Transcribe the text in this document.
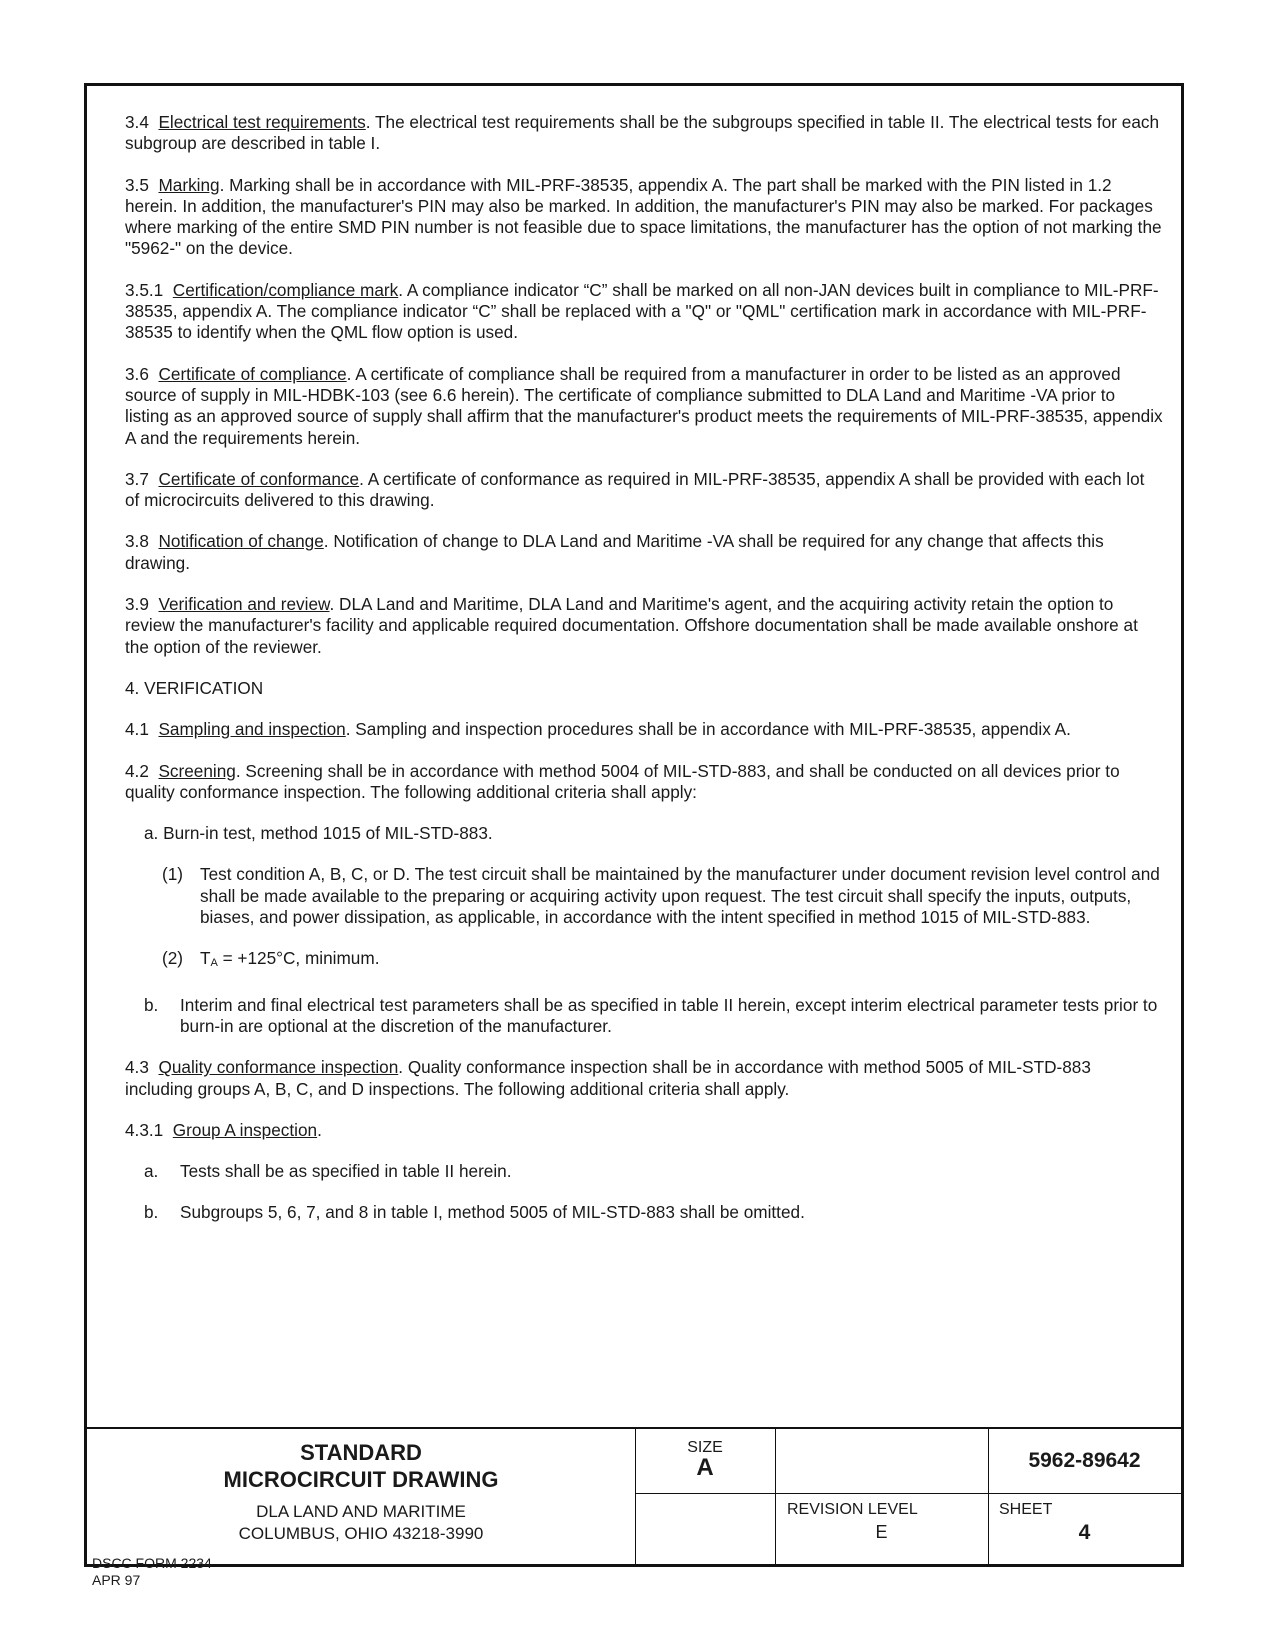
3.4 Electrical test requirements. The electrical test requirements shall be the subgroups specified in table II. The electrical tests for each subgroup are described in table I.

3.5 Marking. Marking shall be in accordance with MIL-PRF-38535, appendix A. The part shall be marked with the PIN listed in 1.2 herein. In addition, the manufacturer's PIN may also be marked. In addition, the manufacturer's PIN may also be marked. For packages where marking of the entire SMD PIN number is not feasible due to space limitations, the manufacturer has the option of not marking the "5962-" on the device.

3.5.1 Certification/compliance mark. A compliance indicator “C” shall be marked on all non-JAN devices built in compliance to MIL-PRF-38535, appendix A. The compliance indicator “C” shall be replaced with a "Q" or "QML" certification mark in accordance with MIL-PRF-38535 to identify when the QML flow option is used.

3.6 Certificate of compliance. A certificate of compliance shall be required from a manufacturer in order to be listed as an approved source of supply in MIL-HDBK-103 (see 6.6 herein). The certificate of compliance submitted to DLA Land and Maritime -VA prior to listing as an approved source of supply shall affirm that the manufacturer's product meets the requirements of MIL-PRF-38535, appendix A and the requirements herein.

3.7 Certificate of conformance. A certificate of conformance as required in MIL-PRF-38535, appendix A shall be provided with each lot of microcircuits delivered to this drawing.

3.8 Notification of change. Notification of change to DLA Land and Maritime -VA shall be required for any change that affects this drawing.

3.9 Verification and review. DLA Land and Maritime, DLA Land and Maritime's agent, and the acquiring activity retain the option to review the manufacturer's facility and applicable required documentation. Offshore documentation shall be made available onshore at the option of the reviewer.

4. VERIFICATION

4.1 Sampling and inspection. Sampling and inspection procedures shall be in accordance with MIL-PRF-38535, appendix A.

4.2 Screening. Screening shall be in accordance with method 5004 of MIL-STD-883, and shall be conducted on all devices prior to quality conformance inspection. The following additional criteria shall apply:

a. Burn-in test, method 1015 of MIL-STD-883.

(1) Test condition A, B, C, or D. The test circuit shall be maintained by the manufacturer under document revision level control and shall be made available to the preparing or acquiring activity upon request. The test circuit shall specify the inputs, outputs, biases, and power dissipation, as applicable, in accordance with the intent specified in method 1015 of MIL-STD-883.

(2) $T_A = +125^\circ C$, minimum.

b. Interim and final electrical test parameters shall be as specified in table II herein, except interim electrical parameter tests prior to burn-in are optional at the discretion of the manufacturer.

4.3 Quality conformance inspection. Quality conformance inspection shall be in accordance with method 5005 of MIL-STD-883 including groups A, B, C, and D inspections. The following additional criteria shall apply.

4.3.1 Group A inspection.

a. Tests shall be as specified in table II herein.

b. Subgroups 5, 6, 7, and 8 in table I, method 5005 of MIL-STD-883 shall be omitted.

STANDARD
MICROCIRCUIT DRAWING
DLA LAND AND MARITIME
COLUMBUS, OHIO 43218-3990
SIZE
A	5962-89642
REVISION LEVEL
E
SHEET
4
DSCC FORM 2234
APR 97
